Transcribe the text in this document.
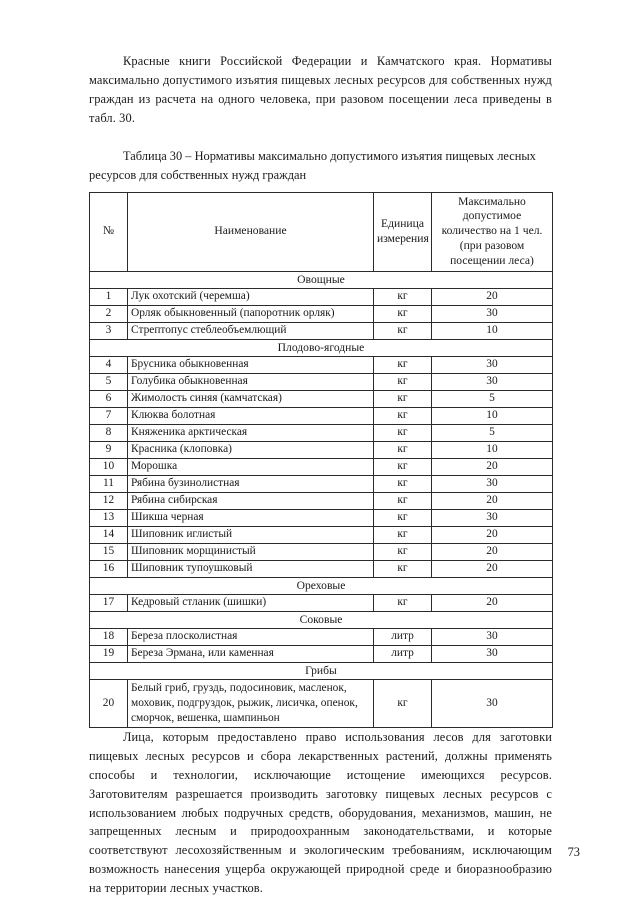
Красные книги Российской Федерации и Камчатского края. Нормативы максимально допустимого изъятия пищевых лесных ресурсов для собственных нужд граждан из расчета на одного человека, при разовом посещении леса приведены в табл. 30.

Таблица 30 – Нормативы максимально допустимого изъятия пищевых лесных ресурсов для собственных нужд граждан
№	Наименование	Единица измерения	Максимально допустимое количество на 1 чел. (при разовом посещении леса)
Овощные			
1	Лук охотский (черемша)	кг	20
2	Орляк обыкновенный (папоротник орляк)	кг	30
3	Стрептопус стеблеобъемлющий	кг	10
Плодово-ягодные			
4	Брусника обыкновенная	кг	30
5	Голубика обыкновенная	кг	30
6	Жимолость синяя (камчатская)	кг	5
7	Клюква болотная	кг	10
8	Княженика арктическая	кг	5
9	Красника (клоповка)	кг	10
10	Морошка	кг	20
11	Рябина бузинолистная	кг	30
12	Рябина сибирская	кг	20
13	Шикша черная	кг	30
14	Шиповник иглистый	кг	20
15	Шиповник морщинистый	кг	20
16	Шиповник тупоушковый	кг	20
Ореховые			
17	Кедровый стланик (шишки)	кг	20
Соковые			
18	Береза плосколистная	литр	30
19	Береза Эрмана, или каменная	литр	30
Грибы			
20	Белый гриб, груздь, подосиновик, масленок, моховик, подгруздок, рыжик, лисичка, опенок, сморчок, вешенка, шампиньон	кг	30

Лица, которым предоставлено право использования лесов для заготовки пищевых лесных ресурсов и сбора лекарственных растений, должны применять способы и технологии, исключающие истощение имеющихся ресурсов. Заготовителям разрешается производить заготовку пищевых лесных ресурсов с использованием любых подручных средств, оборудования, механизмов, машин, не запрещенных лесным и природоохранным законодательствами, и которые соответствуют лесохозяйственным и экологическим требованиям, исключающим возможность нанесения ущерба окружающей природной среде и биоразнообразию на территории лесных участков.

73
